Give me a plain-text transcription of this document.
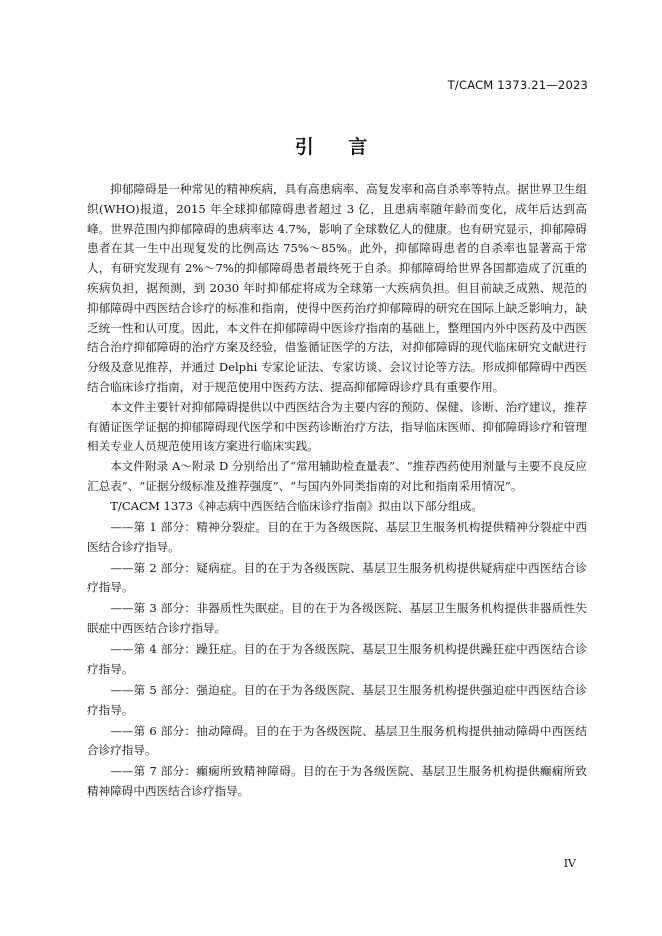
T/CACM 1373.21—2023
引 言

抑郁障碍是一种常见的精神疾病，具有高患病率、高复发率和高自杀率等特点。据世界卫生组织(WHO)报道，2015 年全球抑郁障碍患者超过 3 亿，且患病率随年龄而变化，成年后达到高峰。世界范围内抑郁障碍的患病率达 4.7%，影响了全球数亿人的健康。也有研究显示，抑郁障碍患者在其一生中出现复发的比例高达 75%～85%。此外，抑郁障碍患者的自杀率也显著高于常人，有研究发现有 2%～7%的抑郁障碍患者最终死于自杀。抑郁障碍给世界各国都造成了沉重的疾病负担，据预测，到 2030 年时抑郁症将成为全球第一大疾病负担。但目前缺乏成熟、规范的抑郁障碍中西医结合诊疗的标准和指南，使得中医药治疗抑郁障碍的研究在国际上缺乏影响力，缺乏统一性和认可度。因此，本文件在抑郁障碍中医诊疗指南的基础上，整理国内外中医药及中西医结合治疗抑郁障碍的治疗方案及经验，借鉴循证医学的方法，对抑郁障碍的现代临床研究文献进行分级及意见推荐，并通过 Delphi 专家论证法、专家访谈、会议讨论等方法。形成抑郁障碍中西医结合临床诊疗指南，对于规范使用中医药方法、提高抑郁障碍诊疗具有重要作用。

本文件主要针对抑郁障碍提供以中西医结合为主要内容的预防、保健、诊断、治疗建议，推荐有循证医学证据的抑郁障碍现代医学和中医药诊断治疗方法，指导临床医师、抑郁障碍诊疗和管理相关专业人员规范使用该方案进行临床实践。

本文件附录 A～附录 D 分别给出了“常用辅助检查量表”、“推荐西药使用剂量与主要不良反应汇总表”、“证据分级标准及推荐强度”、“与国内外同类指南的对比和指南采用情况”。

T/CACM 1373《神志病中西医结合临床诊疗指南》拟由以下部分组成。

——第 1 部分：精神分裂症。目的在于为各级医院、基层卫生服务机构提供精神分裂症中西医结合诊疗指导。

——第 2 部分：疑病症。目的在于为各级医院、基层卫生服务机构提供疑病症中西医结合诊疗指导。

——第 3 部分：非器质性失眠症。目的在于为各级医院、基层卫生服务机构提供非器质性失眠症中西医结合诊疗指导。

——第 4 部分：躁狂症。目的在于为各级医院、基层卫生服务机构提供躁狂症中西医结合诊疗指导。

——第 5 部分：强迫症。目的在于为各级医院、基层卫生服务机构提供强迫症中西医结合诊疗指导。

——第 6 部分：抽动障碍。目的在于为各级医院、基层卫生服务机构提供抽动障碍中西医结合诊疗指导。

——第 7 部分：癫痫所致精神障碍。目的在于为各级医院、基层卫生服务机构提供癫痫所致精神障碍中西医结合诊疗指导。

IV
